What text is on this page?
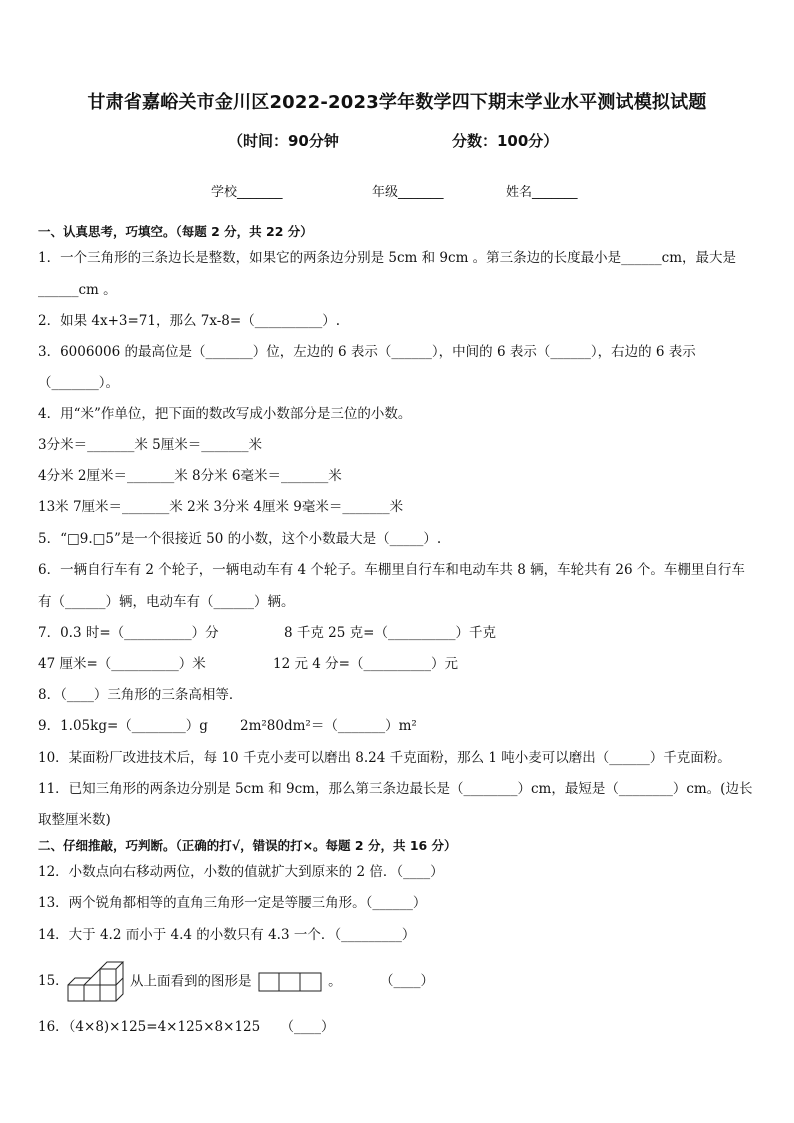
甘肃省嘉峪关市金川区2022-2023学年数学四下期末学业水平测试模拟试题
（时间：90分钟	分数：100分）
学校_______	年级_______	姓名_______
一、认真思考，巧填空。（每题 2 分，共 22 分）
1．一个三角形的三条边长是整数，如果它的两条边分别是 5cm 和 9cm 。第三条边的长度最小是______cm，最大是
______cm 。
2．如果 4x+3=71，那么 7x-8=（__________）.
3．6006006 的最高位是（_______）位，左边的 6 表示（______），中间的 6 表示（______），右边的 6 表示
（_______）。
4．用“米”作单位，把下面的数改写成小数部分是三位的小数。
3分米＝_______米 5厘米＝_______米
4分米 2厘米＝_______米 8分米 6毫米＝_______米
13米 7厘米＝_______米 2米 3分米 4厘米 9毫米＝_______米
5．“□9.□5”是一个很接近 50 的小数，这个小数最大是（_____）.
6．一辆自行车有 2 个轮子，一辆电动车有 4 个轮子。车棚里自行车和电动车共 8 辆，车轮共有 26 个。车棚里自行车
有（______）辆，电动车有（______）辆。
7．0.3 时=（__________）分	8 千克 25 克=（__________）千克
47 厘米=（__________）米	12 元 4 分=（__________）元
8．（____）三角形的三条高相等．
9．1.05kg=（________）g 2m²80dm²＝（_______）m²
10．某面粉厂改进技术后，每 10 千克小麦可以磨出 8.24 千克面粉，那么 1 吨小麦可以磨出（______）千克面粉。
11．已知三角形的两条边分别是 5cm 和 9cm，那么第三条边最长是（________）cm，最短是（________）cm。(边长
取整厘米数)
二、仔细推敲，巧判断。（正确的打√，错误的打×。每题 2 分，共 16 分）
12．小数点向右移动两位，小数的值就扩大到原来的 2 倍．（____）
13．两个锐角都相等的直角三角形一定是等腰三角形。（______）
14．大于 4.2 而小于 4.4 的小数只有 4.3 一个．（_________）
15．	从上面看到的图形是	。	（____）
16．（4×8)×125=4×125×8×125　　（____）
